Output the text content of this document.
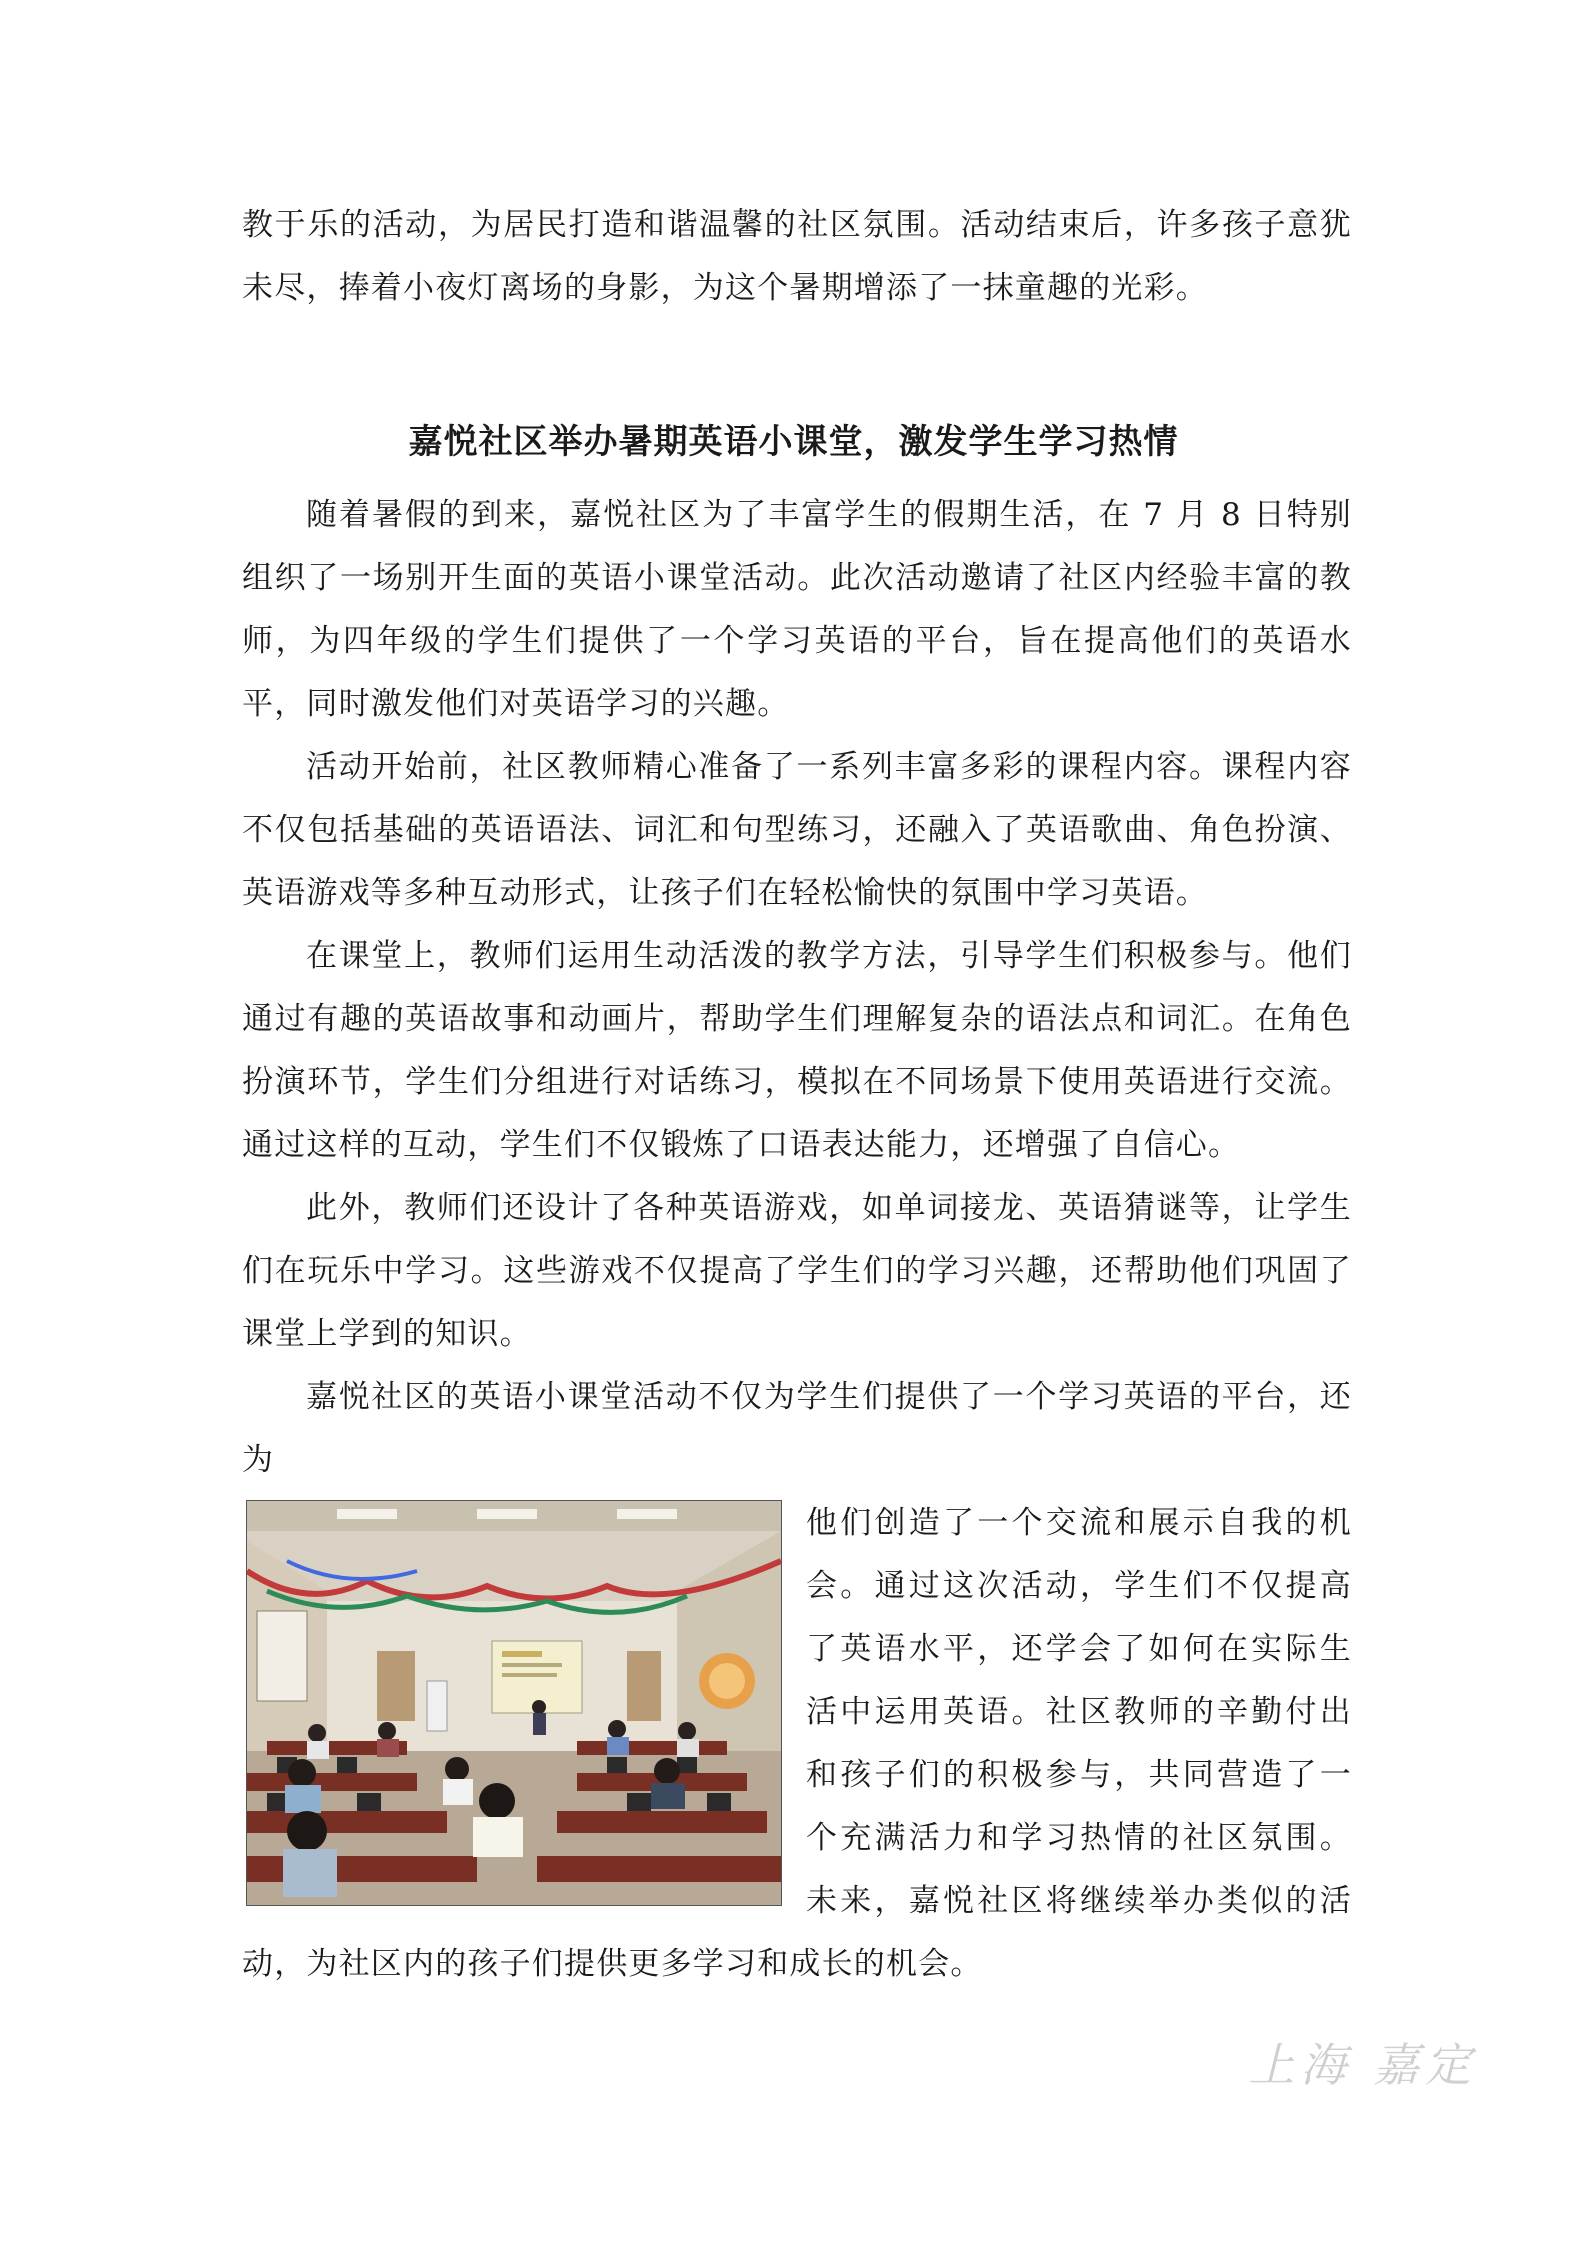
教于乐的活动，为居民打造和谐温馨的社区氛围。活动结束后，许多孩子意犹未尽，捧着小夜灯离场的身影，为这个暑期增添了一抹童趣的光彩。

嘉悦社区举办暑期英语小课堂，激发学生学习热情

随着暑假的到来，嘉悦社区为了丰富学生的假期生活，在 7 月 8 日特别组织了一场别开生面的英语小课堂活动。此次活动邀请了社区内经验丰富的教师，为四年级的学生们提供了一个学习英语的平台，旨在提高他们的英语水平，同时激发他们对英语学习的兴趣。

活动开始前，社区教师精心准备了一系列丰富多彩的课程内容。课程内容不仅包括基础的英语语法、词汇和句型练习，还融入了英语歌曲、角色扮演、英语游戏等多种互动形式，让孩子们在轻松愉快的氛围中学习英语。

在课堂上，教师们运用生动活泼的教学方法，引导学生们积极参与。他们通过有趣的英语故事和动画片，帮助学生们理解复杂的语法点和词汇。在角色扮演环节，学生们分组进行对话练习，模拟在不同场景下使用英语进行交流。通过这样的互动，学生们不仅锻炼了口语表达能力，还增强了自信心。

此外，教师们还设计了各种英语游戏，如单词接龙、英语猜谜等，让学生们在玩乐中学习。这些游戏不仅提高了学生们的学习兴趣，还帮助他们巩固了课堂上学到的知识。

嘉悦社区的英语小课堂活动不仅为学生们提供了一个学习英语的平台，还为

他们创造了一个交流和展示自我的机会。通过这次活动，学生们不仅提高了英语水平，还学会了如何在实际生活中运用英语。社区教师的辛勤付出和孩子们的积极参与，共同营造了一个充满活力和学习热情的社区氛围。未来，嘉悦社区将继续举办类似的活动，为社区内的孩子们提供更多学习和成长的机会。

上海 嘉定
